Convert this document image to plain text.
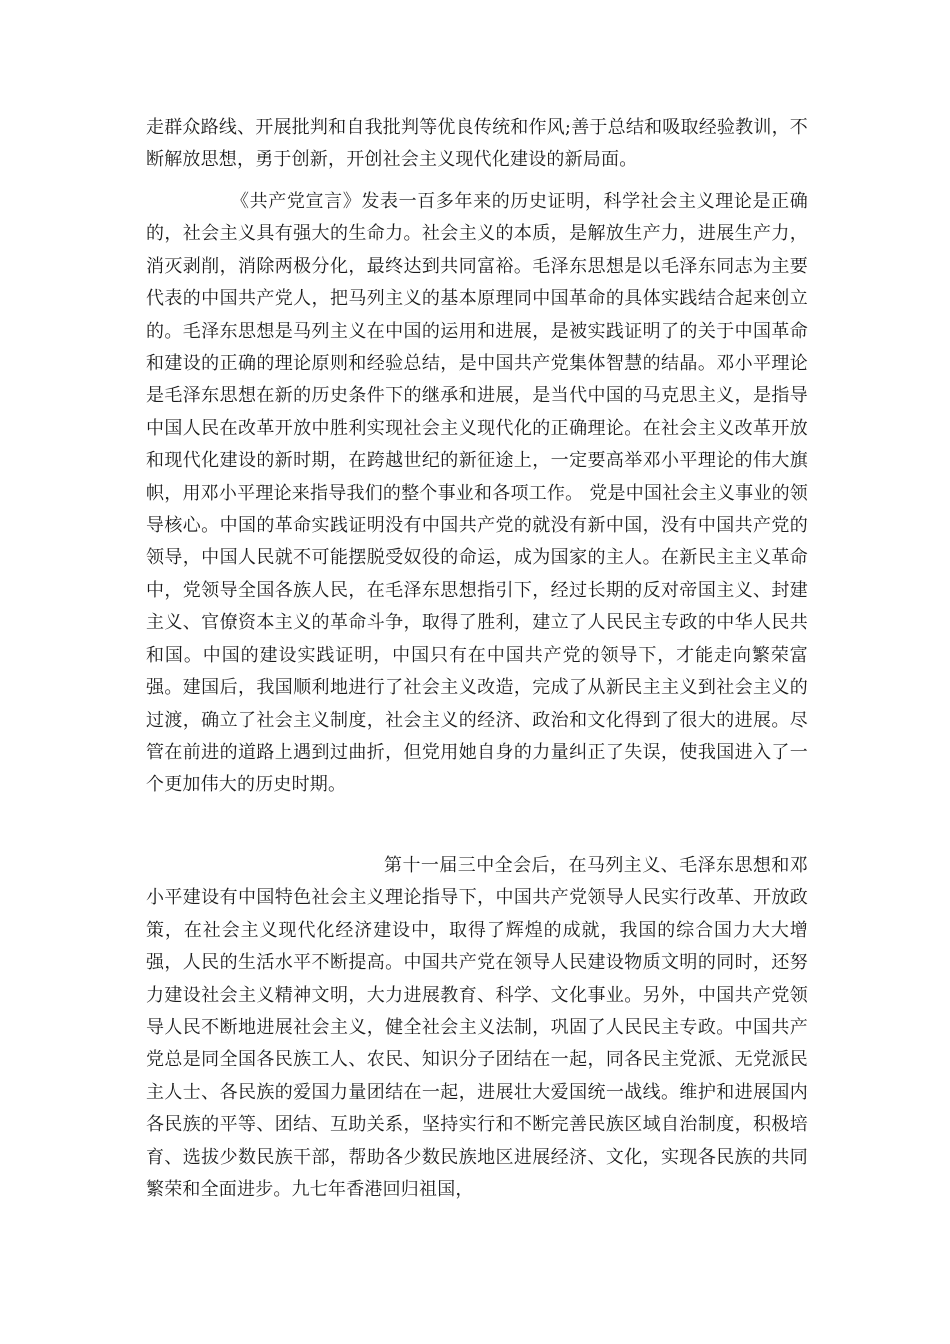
走群众路线、开展批判和自我批判等优良传统和作风;善于总结和吸取经验教训，不断解放思想，勇于创新，开创社会主义现代化建设的新局面。

《共产党宣言》发表一百多年来的历史证明，科学社会主义理论是正确的，社会主义具有强大的生命力。社会主义的本质，是解放生产力，进展生产力，消灭剥削，消除两极分化，最终达到共同富裕。毛泽东思想是以毛泽东同志为主要代表的中国共产党人，把马列主义的基本原理同中国革命的具体实践结合起来创立的。毛泽东思想是马列主义在中国的运用和进展，是被实践证明了的关于中国革命和建设的正确的理论原则和经验总结，是中国共产党集体智慧的结晶。邓小平理论是毛泽东思想在新的历史条件下的继承和进展，是当代中国的马克思主义，是指导中国人民在改革开放中胜利实现社会主义现代化的正确理论。在社会主义改革开放和现代化建设的新时期，在跨越世纪的新征途上，一定要高举邓小平理论的伟大旗帜，用邓小平理论来指导我们的整个事业和各项工作。 党是中国社会主义事业的领导核心。中国的革命实践证明没有中国共产党的就没有新中国，没有中国共产党的领导，中国人民就不可能摆脱受奴役的命运，成为国家的主人。在新民主主义革命中，党领导全国各族人民，在毛泽东思想指引下，经过长期的反对帝国主义、封建主义、官僚资本主义的革命斗争，取得了胜利，建立了人民民主专政的中华人民共和国。中国的建设实践证明，中国只有在中国共产党的领导下，才能走向繁荣富强。建国后，我国顺利地进行了社会主义改造，完成了从新民主主义到社会主义的过渡，确立了社会主义制度，社会主义的经济、政治和文化得到了很大的进展。尽管在前进的道路上遇到过曲折，但党用她自身的力量纠正了失误，使我国进入了一个更加伟大的历史时期。

第十一届三中全会后，在马列主义、毛泽东思想和邓小平建设有中国特色社会主义理论指导下，中国共产党领导人民实行改革、开放政策，在社会主义现代化经济建设中，取得了辉煌的成就，我国的综合国力大大增强，人民的生活水平不断提高。中国共产党在领导人民建设物质文明的同时，还努力建设社会主义精神文明，大力进展教育、科学、文化事业。另外，中国共产党领导人民不断地进展社会主义，健全社会主义法制，巩固了人民民主专政。中国共产党总是同全国各民族工人、农民、知识分子团结在一起，同各民主党派、无党派民主人士、各民族的爱国力量团结在一起，进展壮大爱国统一战线。维护和进展国内各民族的平等、团结、互助关系，坚持实行和不断完善民族区域自治制度，积极培育、选拔少数民族干部，帮助各少数民族地区进展经济、文化，实现各民族的共同繁荣和全面进步。九七年香港回归祖国，
